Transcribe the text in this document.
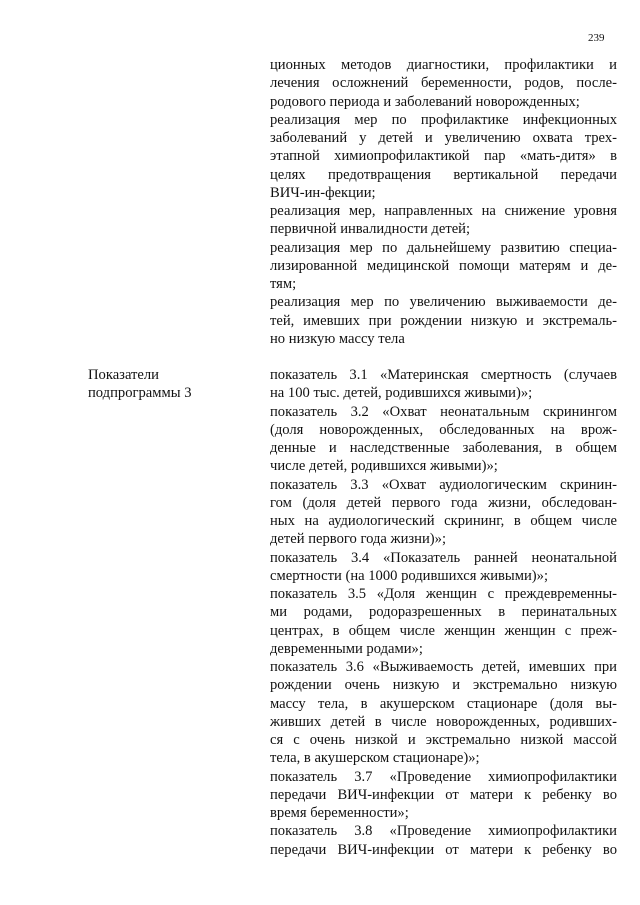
239
ционных методов диагностики, профилактики и
лечения осложнений беременности, родов, после-
родового периода и заболеваний новорожденных;
реализация мер по профилактике инфекционных
заболеваний у детей и увеличению охвата трех-
этапной химиопрофилактикой пар «мать-дитя» в
целях предотвращения вертикальной передачи
ВИЧ-ин-фекции;
реализация мер, направленных на снижение уровня
первичной инвалидности детей;
реализация мер по дальнейшему развитию специа-
лизированной медицинской помощи матерям и де-
тям;
реализация мер по увеличению выживаемости де-
тей, имевших при рождении низкую и экстремаль-
но низкую массу тела
Показатели
подпрограммы 3
показатель 3.1 «Материнская смертность (случаев
на 100 тыс. детей, родившихся живыми)»;
показатель 3.2 «Охват неонатальным скринингом
(доля новорожденных, обследованных на врож-
денные и наследственные заболевания, в общем
числе детей, родившихся живыми)»;
показатель 3.3 «Охват аудиологическим скринин-
гом (доля детей первого года жизни, обследован-
ных на аудиологический скрининг, в общем числе
детей первого года жизни)»;
показатель 3.4 «Показатель ранней неонатальной
смертности (на 1000 родившихся живыми)»;
показатель 3.5 «Доля женщин с преждевременны-
ми родами, родоразрешенных в перинатальных
центрах, в общем числе женщин женщин с преж-
девременными родами»;
показатель 3.6 «Выживаемость детей, имевших при
рождении очень низкую и экстремально низкую
массу тела, в акушерском стационаре (доля вы-
живших детей в числе новорожденных, родивших-
ся с очень низкой и экстремально низкой массой
тела, в акушерском стационаре)»;
показатель 3.7 «Проведение химиопрофилактики
передачи ВИЧ-инфекции от матери к ребенку во
время беременности»;
показатель 3.8 «Проведение химиопрофилактики
передачи ВИЧ-инфекции от матери к ребенку во
